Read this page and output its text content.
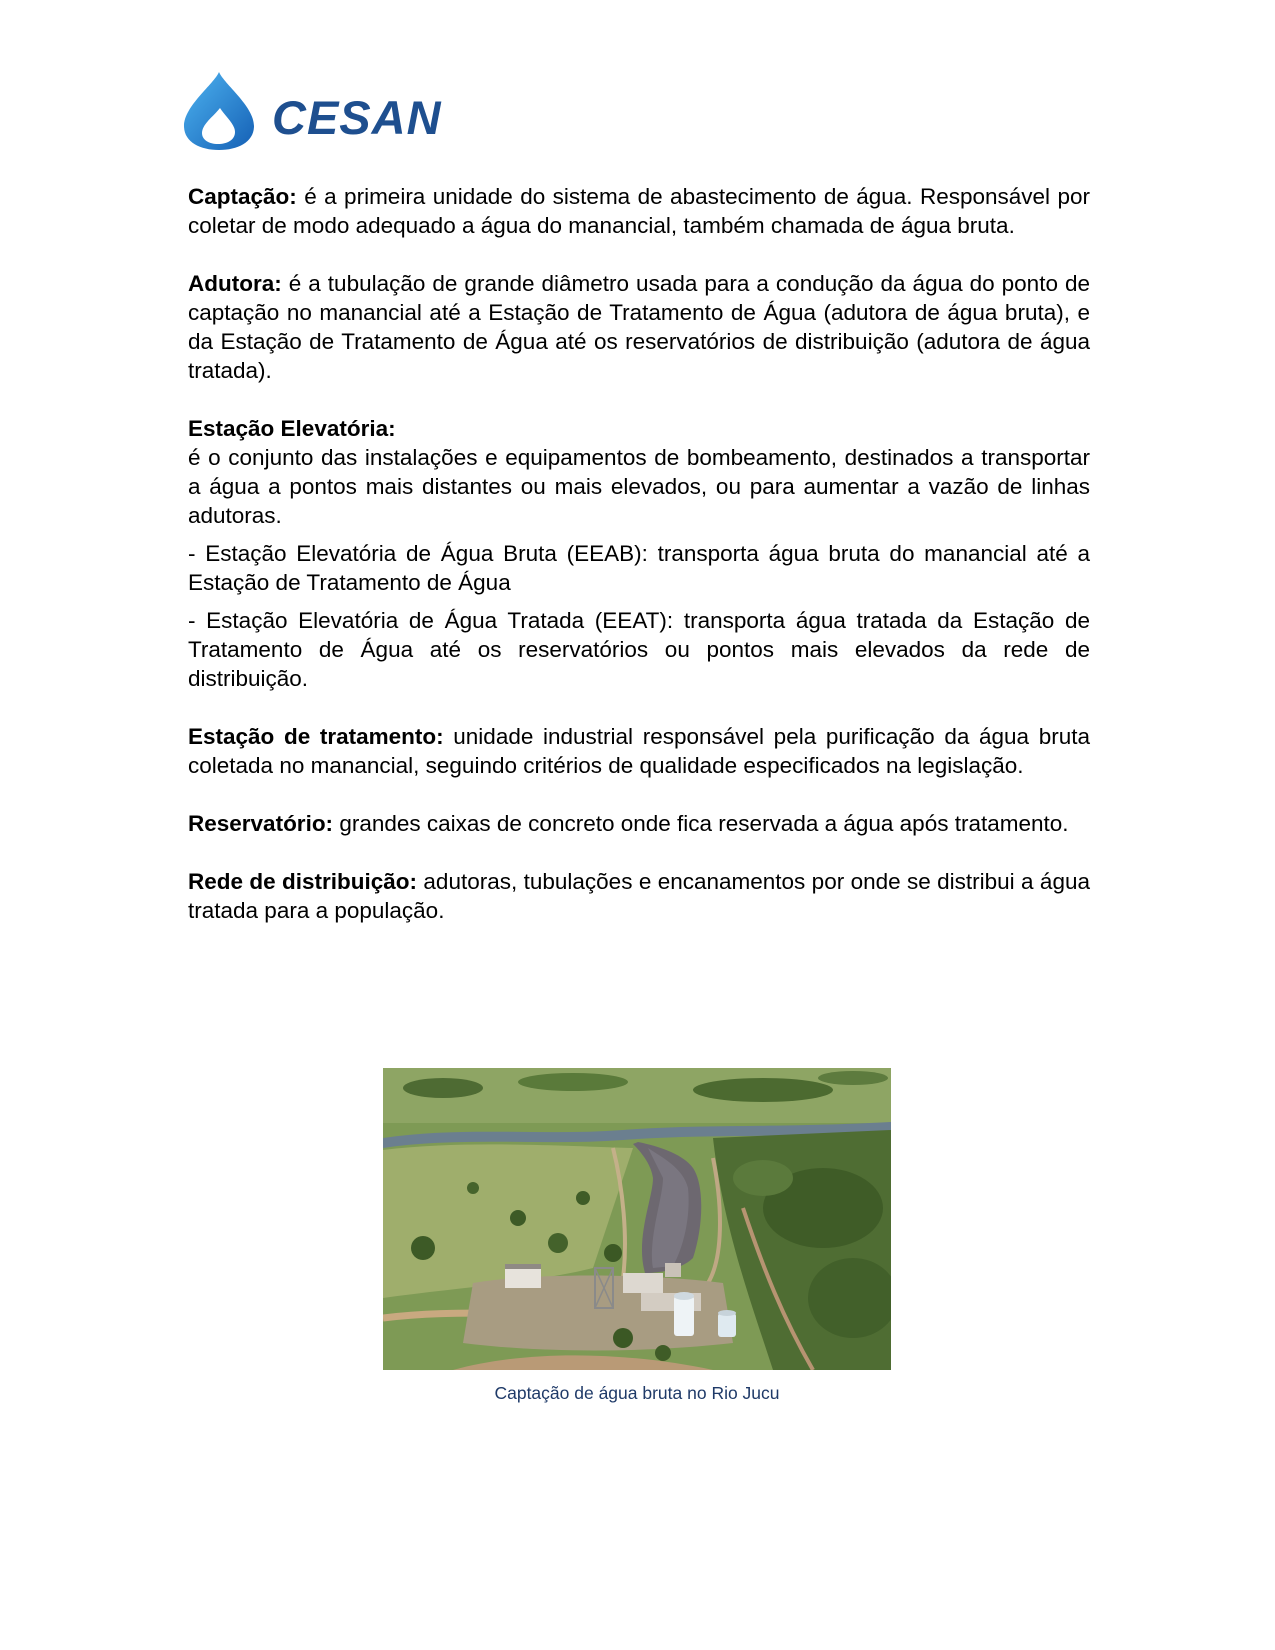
CESAN

Captação: é a primeira unidade do sistema de abastecimento de água. Responsável por coletar de modo adequado a água do manancial, também chamada de água bruta.

Adutora: é a tubulação de grande diâmetro usada para a condução da água do ponto de captação no manancial até a Estação de Tratamento de Água (adutora de água bruta), e da Estação de Tratamento de Água até os reservatórios de distribuição (adutora de água tratada).

Estação Elevatória:

é o conjunto das instalações e equipamentos de bombeamento, destinados a transportar a água a pontos mais distantes ou mais elevados, ou para aumentar a vazão de linhas adutoras.

- Estação Elevatória de Água Bruta (EEAB): transporta água bruta do manancial até a Estação de Tratamento de Água

- Estação Elevatória de Água Tratada (EEAT): transporta água tratada da Estação de Tratamento de Água até os reservatórios ou pontos mais elevados da rede de distribuição.

Estação de tratamento: unidade industrial responsável pela purificação da água bruta coletada no manancial, seguindo critérios de qualidade especificados na legislação.

Reservatório: grandes caixas de concreto onde fica reservada a água após tratamento.

Rede de distribuição: adutoras, tubulações e encanamentos por onde se distribui a água tratada para a população.

Captação de água bruta no Rio Jucu
